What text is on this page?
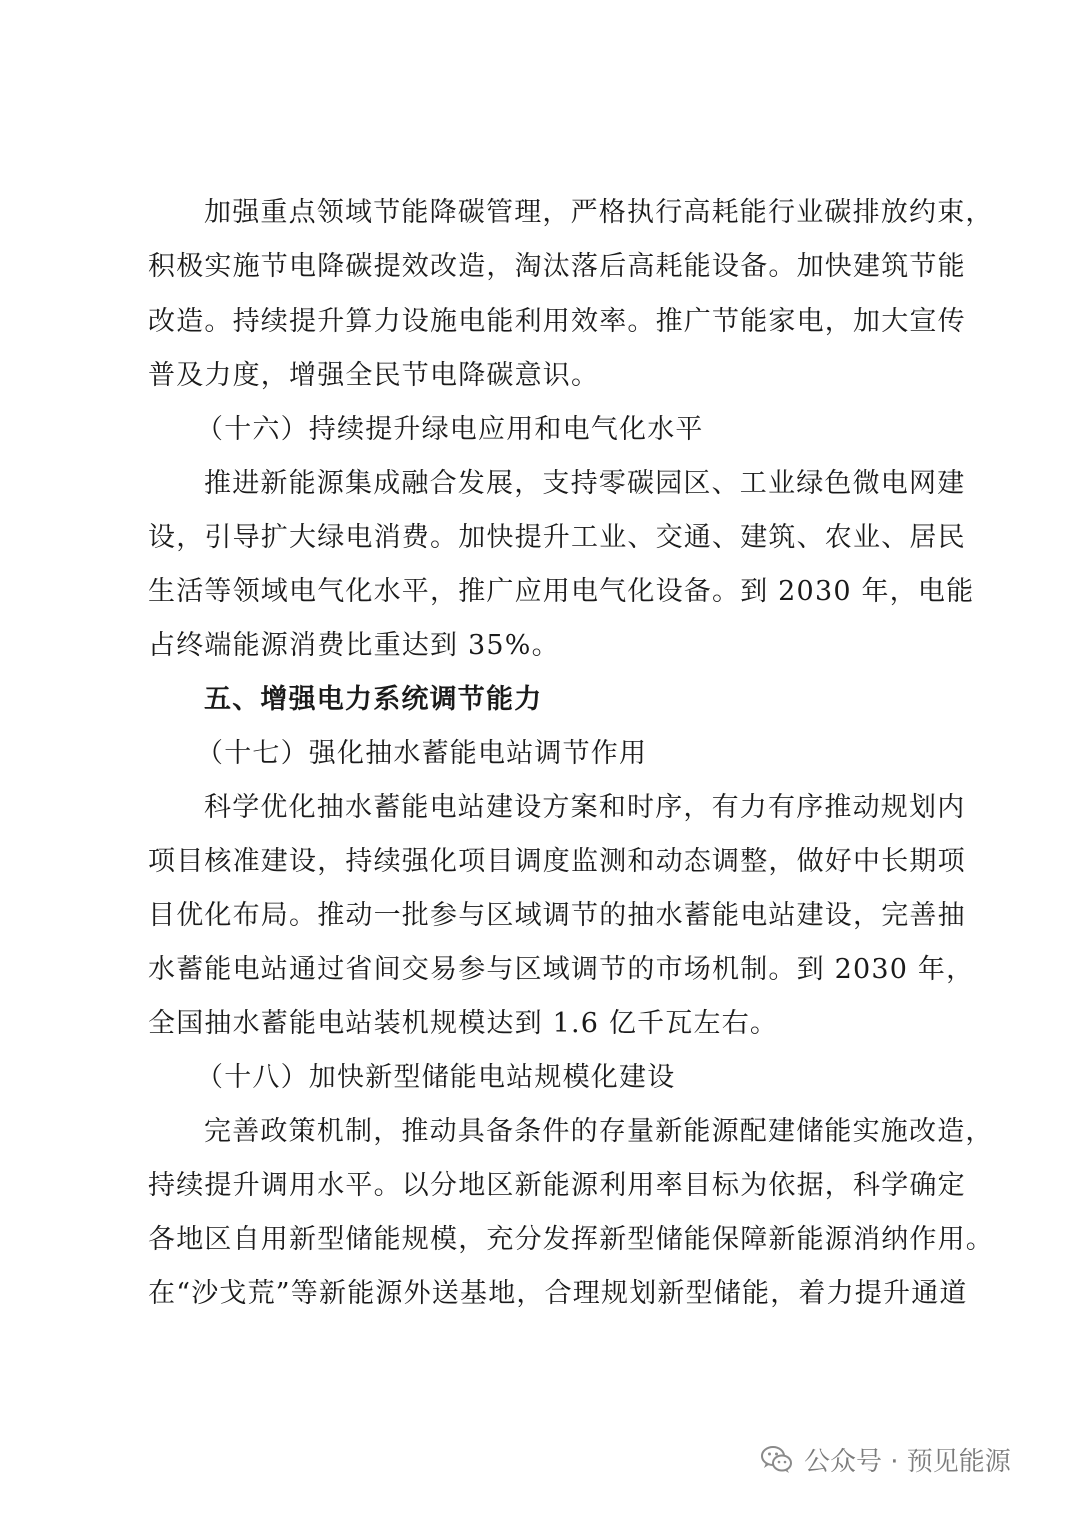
加强重点领域节能降碳管理，严格执行高耗能行业碳排放约束，
积极实施节电降碳提效改造，淘汰落后高耗能设备。加快建筑节能
改造。持续提升算力设施电能利用效率。推广节能家电，加大宣传
普及力度，增强全民节电降碳意识。
（十六）持续提升绿电应用和电气化水平
推进新能源集成融合发展，支持零碳园区、工业绿色微电网建
设，引导扩大绿电消费。加快提升工业、交通、建筑、农业、居民
生活等领域电气化水平，推广应用电气化设备。到 2030 年，电能
占终端能源消费比重达到 35%。
五、增强电力系统调节能力
（十七）强化抽水蓄能电站调节作用
科学优化抽水蓄能电站建设方案和时序，有力有序推动规划内
项目核准建设，持续强化项目调度监测和动态调整，做好中长期项
目优化布局。推动一批参与区域调节的抽水蓄能电站建设，完善抽
水蓄能电站通过省间交易参与区域调节的市场机制。到 2030 年，
全国抽水蓄能电站装机规模达到 1.6 亿千瓦左右。
（十八）加快新型储能电站规模化建设
完善政策机制，推动具备条件的存量新能源配建储能实施改造，
持续提升调用水平。以分地区新能源利用率目标为依据，科学确定
各地区自用新型储能规模，充分发挥新型储能保障新能源消纳作用。
在“沙戈荒”等新能源外送基地，合理规划新型储能，着力提升通道
公众号 · 预见能源
